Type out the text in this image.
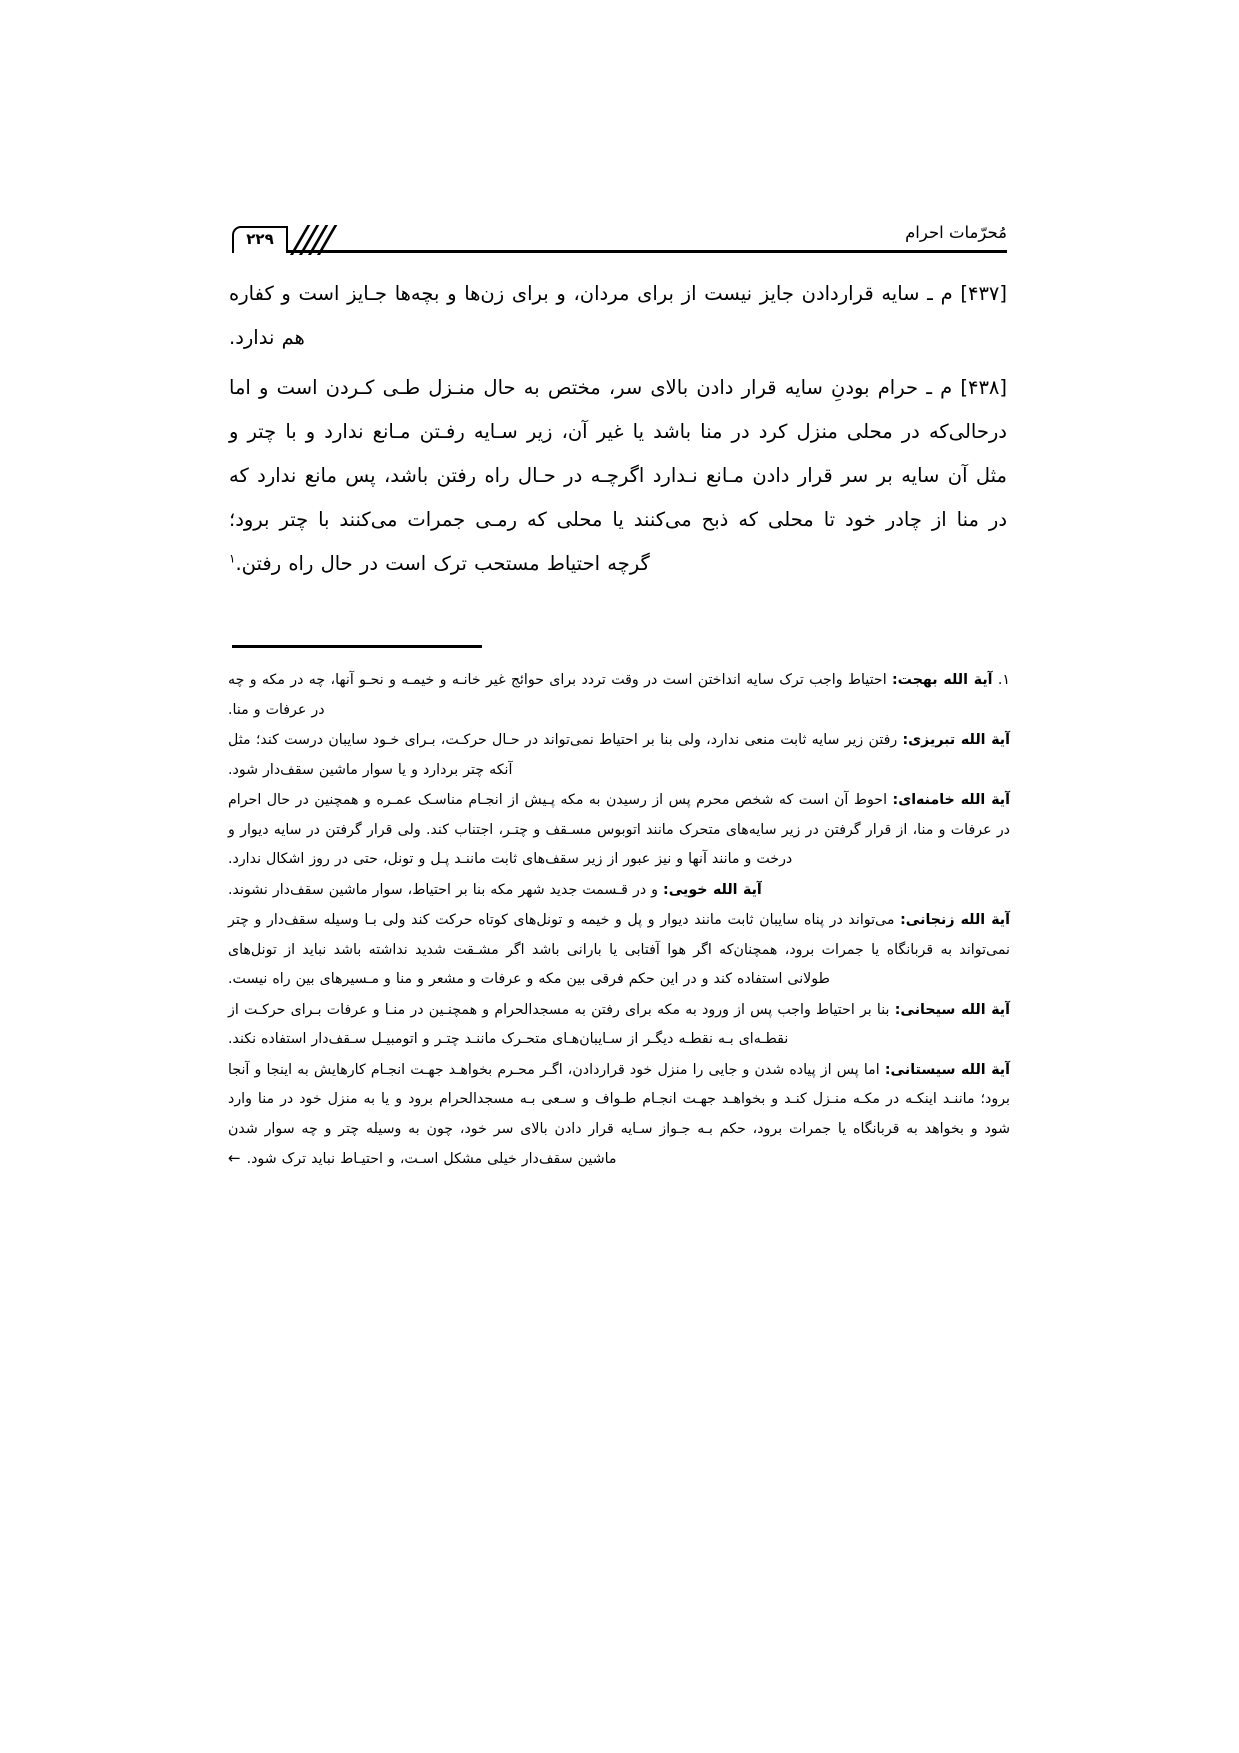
مُحرّمات احرام
۲۲۹

[۴۳۷] م ـ سایه قراردادن جایز نیست از برای مردان، و برای زن‌ها و بچه‌ها جـایز است و کفاره هم ندارد.

[۴۳۸] م ـ حرام بودنِ سایه قرار دادن بالای سر، مختص به حال منـزل طـی کـردن است و اما درحالی‌که در محلی منزل کرد در منا باشد یا غیر آن، زیر سـایه رفـتن مـانع ندارد و با چتر و مثل آن سایه بر سر قرار دادن مـانع نـدارد اگرچـه در حـال راه رفتن باشد، پس مانع ندارد که در منا از چادر خود تا محلی که ذبح می‌کنند یا محلی که رمـی جمرات می‌کنند با چتر برود؛ گرچه احتیاط مستحب ترک است در حال راه رفتن.$^۱$

۱. آیة الله بهجت: احتیاط واجب ترک سایه انداختن است در وقت تردد برای حوائج غیر خانـه و خیمـه و نحـو آنها، چه در مکه و چه در عرفات و منا.

آیة الله تبریزی: رفتن زیر سایه ثابت منعی ندارد، ولی بنا بر احتیاط نمی‌تواند در حـال حرکـت، بـرای خـود سایبان درست کند؛ مثل آنکه چتر بردارد و یا سوار ماشین سقف‌دار شود.

آیة الله خامنه‌ای: احوط آن است که شخص محرم پس از رسیدن به مکه پـیش از انجـام مناسـک عمـره و همچنین در حال احرام در عرفات و منا، از قرار گرفتن در زیر سایه‌های متحرک مانند اتوبوس مسـقف و چتـر، اجتناب کند. ولی قرار گرفتن در سایه دیوار و درخت و مانند آنها و نیز عبور از زیر سقف‌های ثابت ماننـد پـل و تونل، حتی در روز اشکال ندارد.

آیة الله خویی: و در قـسمت جدید شهر مکه بنا بر احتیاط، سوار ماشین سقف‌دار نشوند.

آیة الله زنجانی: می‌تواند در پناه سایبان ثابت مانند دیوار و پل و خیمه و تونل‌های کوتاه حرکت کند ولی بـا وسیله سقف‌دار و چتر نمی‌تواند به قربانگاه یا جمرات برود، همچنان‌که اگر هوا آفتابی یا بارانی باشد اگر مشـقت شدید نداشته باشد نباید از تونل‌های طولانی استفاده کند و در این حکم فرقی بین مکه و عرفات و مشعر و منا و مـسیرهای بین راه نیست.

آیة الله سیحانی: بنا بر احتیاط واجب پس از ورود به مکه برای رفتن به مسجدالحرام و همچنـین در منـا و عرفات بـرای حرکـت از نقطـه‌ای بـه نقطـه دیگـر از سـایبان‌هـای متحـرک ماننـد چتـر و اتومبیـل سـقف‌دار استفاده نکند.

آیة الله سیستانی: اما پس از پیاده شدن و جایی را منزل خود قراردادن، اگـر محـرم بخواهـد جهـت انجـام کارهایش به اینجا و آنجا برود؛ ماننـد اینکـه در مکـه منـزل کنـد و بخواهـد جهـت انجـام طـواف و سـعی بـه مسجدالحرام برود و یا به منزل خود در منا وارد شود و بخواهد به قربانگاه یا جمرات برود، حکم بـه جـواز سـایه قرار دادن بالای سر خود، چون به وسیله چتر و چه سوار شدن ماشین سقف‌دار خیلی مشکل اسـت، و احتیـاط نباید ترک شود.←
